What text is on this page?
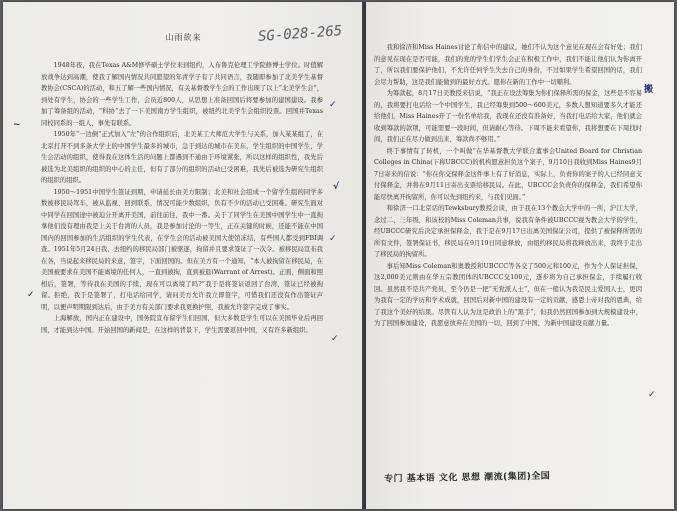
山雨欲来	SG-028-265

1948年夜，我在Texas A&M修毕硕士学位来到纽约，入布鲁克伦理工学院修博士学位。时值解放战争达到高潮，使我了解国内情况共同愿望的年青学子有了共同语言，我随即参加了北美学生基督教协会(CSCA)的活动，和五了解一些国内情况，有关基督教学生会的工作出现了以上“北美学生会”，到处有学生，协会的一些学生工作，会员近800人，从思想上准备回国后将要参加的建国建设。我参加了筹备组的活动，“科协”去了一下美国南方学生组织，被纽约北美学生会组织投票。回国并Texas同校同系的一组人，事先有联系。

1950年“一边倒”正式加入“左”的合作组织后，北美某工大师范大学生与关系，加入某某组了，在北京打开不到多条大学士的中国学生最多的城市，急于到达的城市在美东，学生组织的中国学生，学生会活动的组织，使得我在这体生活的问题上都遇到不通由于环境紧张，所以这样的组织性，我先后被选为北美组织的组织的中心的主任，但有了部分的组织的活动已受困难，我先后被选为研究生组织的组织的组织。

1950～1951中国学生签证到期，申请延长由美方限制；北美和社会组成一个留学生组的同学多数被移民局驾车，被从监视、回到联系，情况可能少数组织，负有不少的活动已受困难。研究生面对中同学在回国途中被迫分开离开美国，前往前往，我中一番。关于了同学生在美国中国学生中一直拘拿他们没有理由我是上关于台湾的人员，我是参加讨论的一等生，正在关键的时候，还能不能在中国国内的回国参加的生活组织的学生代表，在学生会的活动被美国大使馆冻结，有些国人都受到FBI调查。1951年5月24日我，去纽约的移民局部门被驱逐，拘留并且要求签证了一次令。被移民局宣布我在各，当说起来移民局的来意，签字，下面回国的。但在美方有一个通知，“本人被拘留在移民局，在美国被要求在美国不能离境的任何人，一直到被拘，直到被退(Warrant of Arrest)。正面，侧面和照相后，签署，等待我在美国的手续，现在可以离境了吗?”我于是将签证返回了台湾，签证已经被拘留。拒绝，我于是签署了，打电话给同学，请问美方允许我立即签字，可惜我们还没有作出签证声明，以便声明期限到达后，由于美方有关部门要求我更换护照，我被允许签字完成了事实。

上海解放，国内正在建设中，国务院宣布留学生们回国，但大多数是学生可以在美国毕业后再回国，才能到达中国。开始回国的新闻是，在这样的背景下，学生需要返回中国，又有许多新组织。

~
✓
√
✓
✓
✓

我和徐济和Miss Haines讨论了你信中的建议，她们不认为这个意见在现在会有好处；我们的意见在现在是否可能，我们的党的学生们学生会正在积极工作中，我们不能让他们认为你离开了，所以我们要保护他们，不允许任何学生失去自己的身份，不过如果学生希望回国的话，我们会尽力帮助，这是我们能做到的最好方式。愿你在新的工作中一切顺利。

为筹款起，8月17日美教授来信说，“我正在设法筹集为你们保释所需的保金，这些是不容易的，我将要打电话给一个中国学生，我已经筹集到500～600美元，多数人想知道要多久才能还给他们，Miss Haines开了一份名单给我，我现在还没有准备好，当我打电话给大家，他们就会收到筹款的款项，可能需要一段时间，但请耐心等待。下周不能来看望你，我将想要在下周找时间，我们正在尽力做到出来，筹款尚不够用。”

终于事情有了转机，一个叫做“在华基督教大学联合董事会United Board for Christian Colleges in China(下称UBCCC)的机构愿意担负这个案子，9月10日我收到Miss Haines9月7日寄来的信说：“你在你交保释金这件事上有了好消息，实际上，负责你的案子的人已经同意支付保释金，并将在9月11日寄出支票给移民局。在此，UBCCC会负责你的保释金，我们希望你能尽快离开拘留所，你可以先到纽约来，与我们见面。”

和徐济一口北京话的Tewksbury教授会谈，由于我在13个教会大学中的一所，沪江大学，念过二、三年级，和该校的Miss Coleman共事，说我有条件被UBCCC视为教会大学的学生，经UBCCC研究后决定承担保释金，我于是在9月17日出离美国保证公司，提供了被保释所需的所有文件，签署保证书，移民局在9月19日同意释放，由纽约移民局将我释放出来，我终于走出了移民局的拘留所。

事后知Miss Coleman和奥教授和UBCCC等各交了500元和100元，作为个人保证担保，这2,000美元则由在华五宗教团体的UBCCC交100元，逐步将为自己承担保金，手续履行收回。虽然我不是共产党员，至今仍是一把“无党派人士”，但在一般认为我是民主爱国人士，更因为我有一定的学历和学术成就，回国后对新中国的建设有一定的贡献，感恩上帝对我的恩典，给了我这个美好的结果。尽管有人认为这是政治上的“黑手”，但我仍然回国参加到大规模建设中，为了回国参加建设，我愿意放弃在美国的一切，回到了中国，为新中国建设贡献力量。

搬
✓
专门 基本语 文化 思想 潮流(集团)全国
